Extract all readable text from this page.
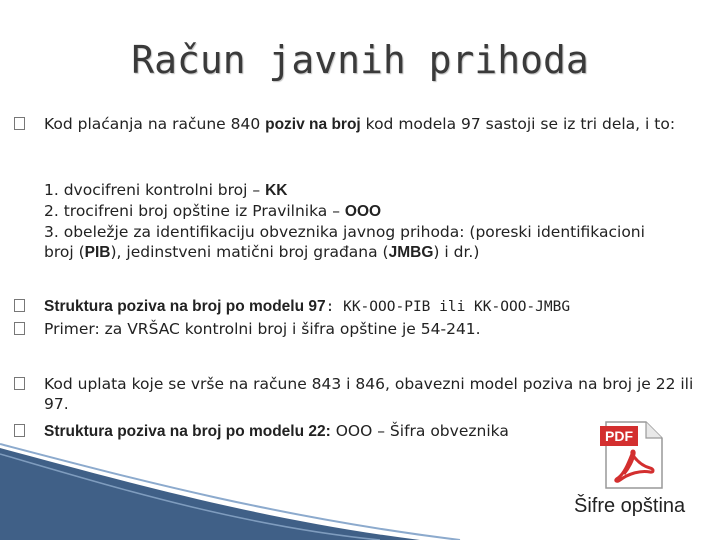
Račun javnih prihoda
Kod plaćanja na račune 840 poziv na broj kod modela 97 sastoji se iz tri dela, i to:
1. dvocifreni kontrolni broj – KK
2. trocifreni broj opštine iz Pravilnika – OOO
3. obeležje za identifikaciju obveznika javnog prihoda: (poreski identifikacioni broj (PIB), jedinstveni matični broj građana (JMBG) i dr.)
Struktura poziva na broj po modelu 97: KK-OOO-PIB ili KK-OOO-JMBG
Primer: za VRŠAC kontrolni broj i šifra opštine je 54-241.
Kod uplata koje se vrše na račune 843 i 846, obavezni model poziva na broj je 22 ili 97.
Struktura poziva na broj po modelu 22: OOO – Šifra obveznika	PDF
Šifre opština
